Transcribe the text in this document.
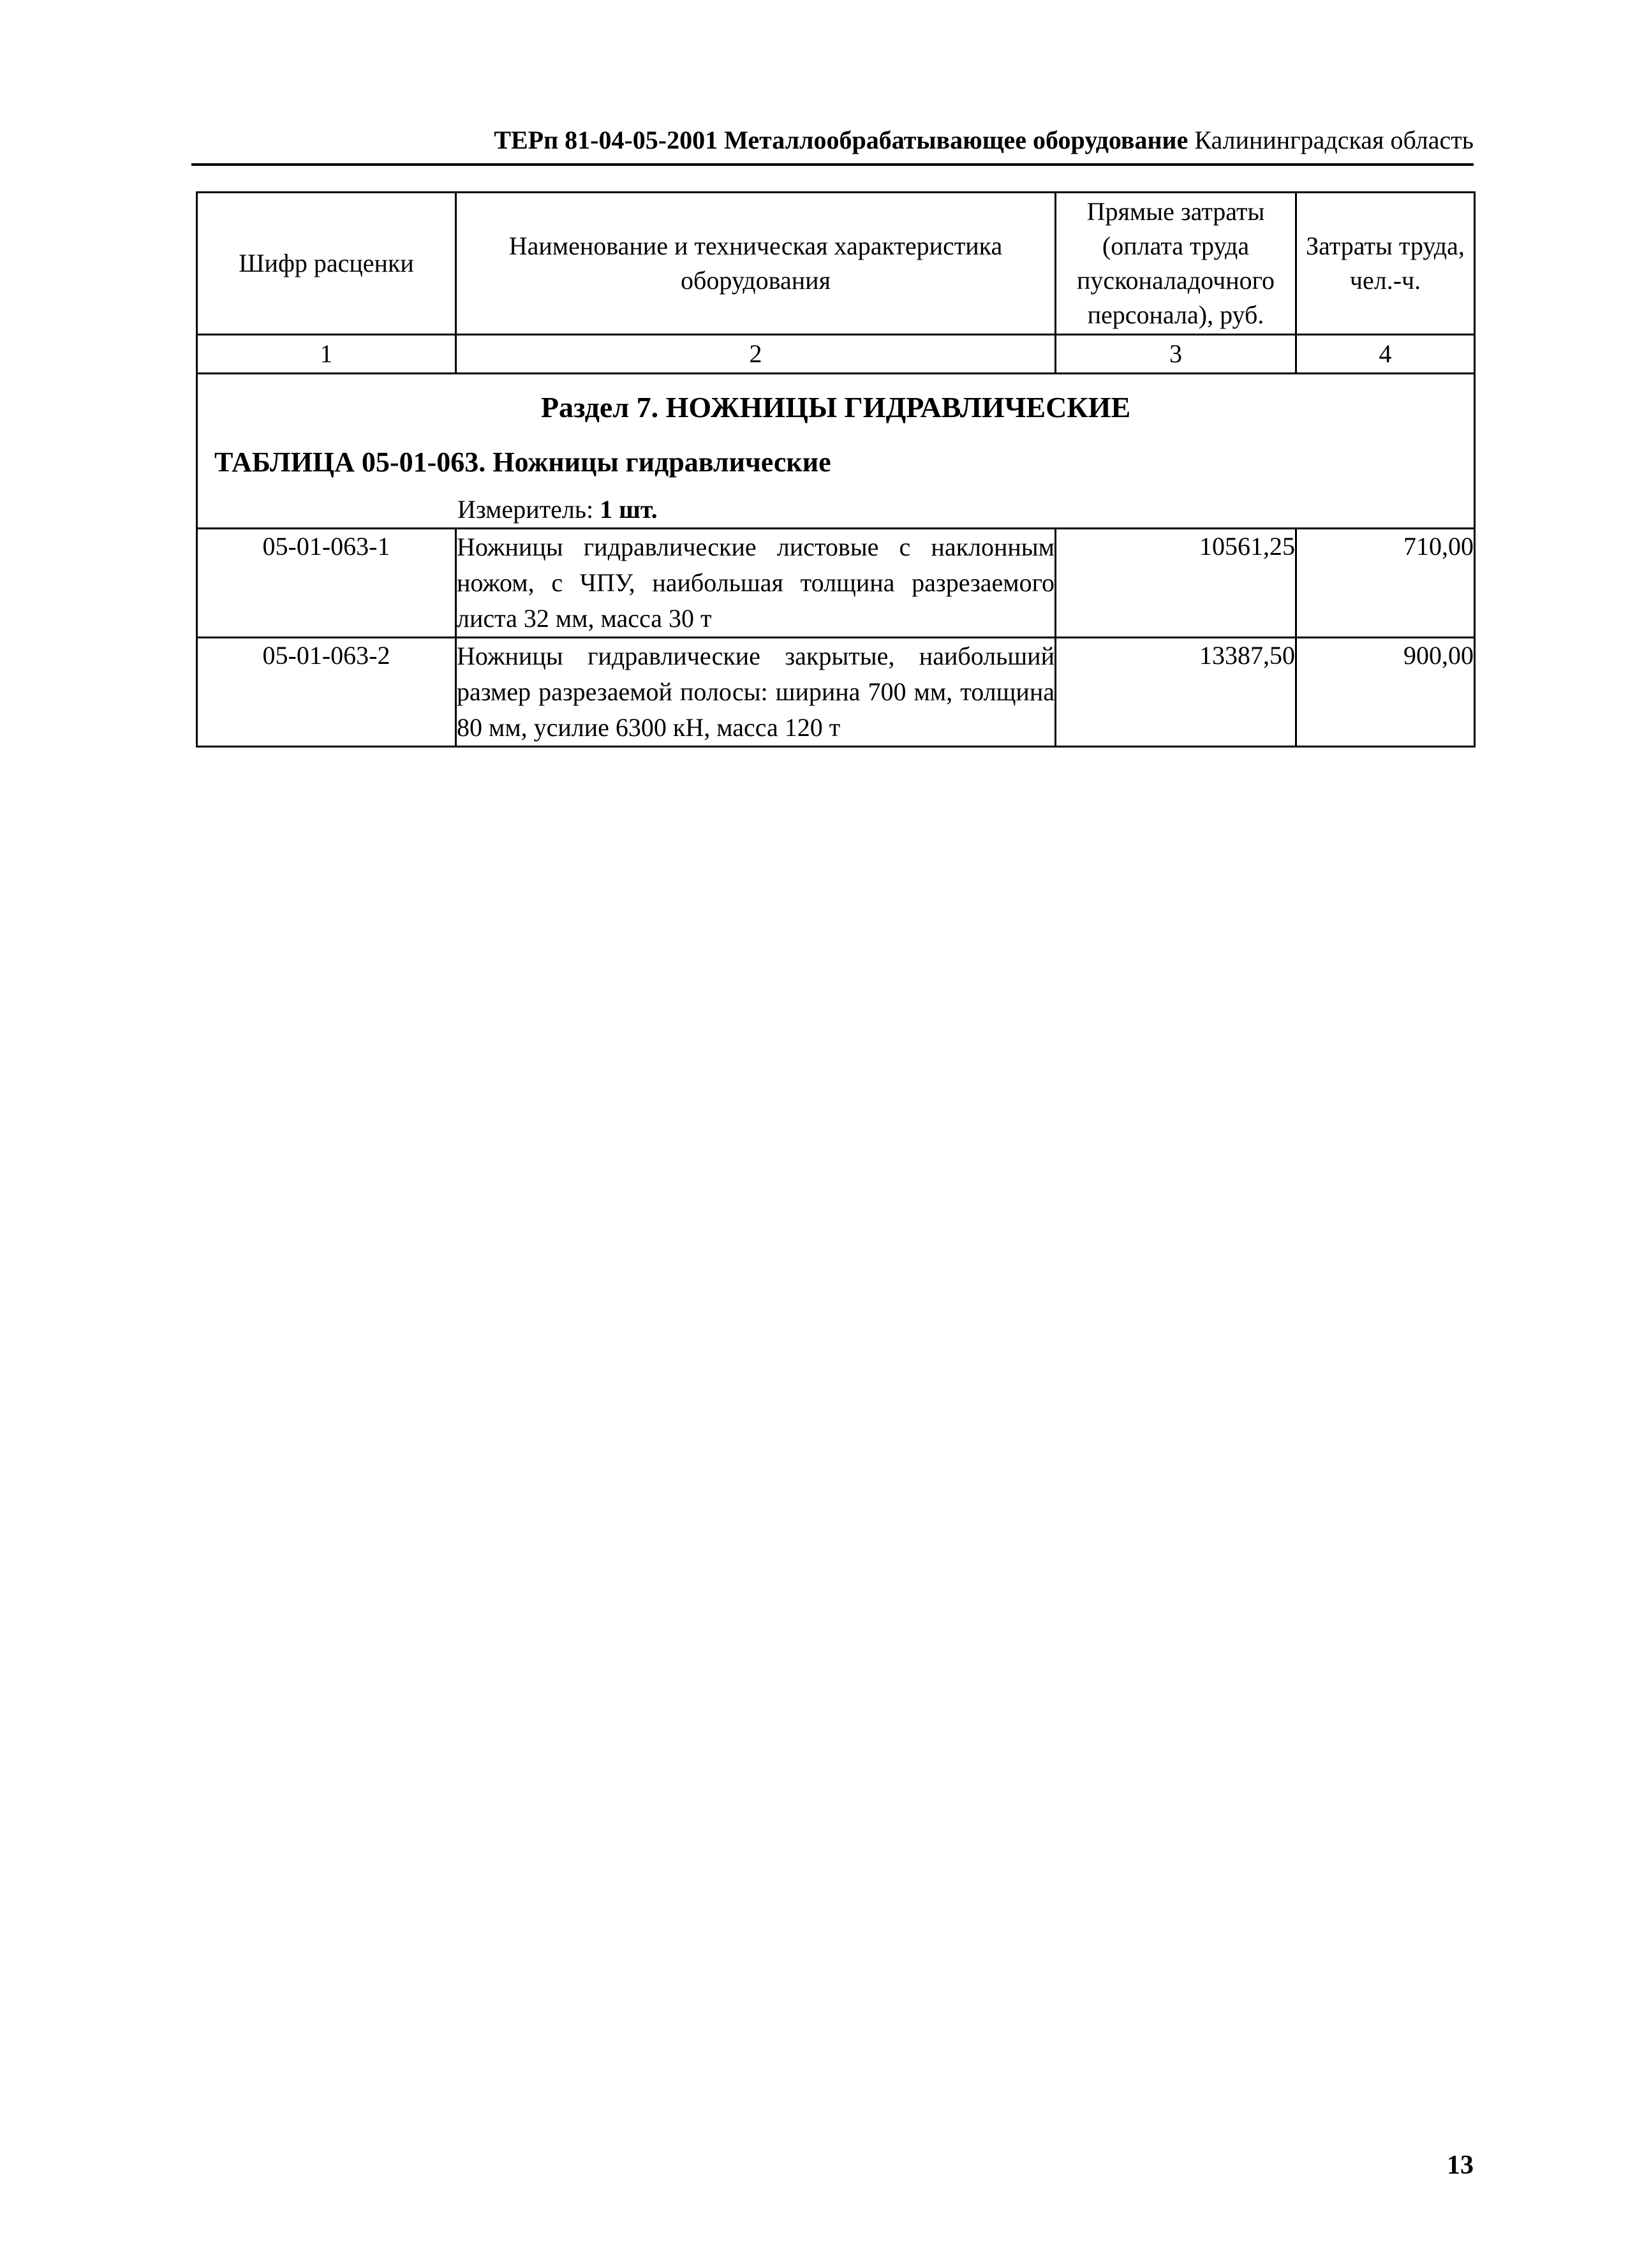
ТЕРп 81-04-05-2001 Металлообрабатывающее оборудование Калининградская область
Шифр расценки	Наименование и техническая характеристика оборудования	Прямые затраты (оплата труда пусконаладочного персонала), руб.	Затраты труда, чел.-ч.

1	2	3	4

Раздел 7. НОЖНИЦЫ ГИДРАВЛИЧЕСКИЕ
ТАБЛИЦА 05-01-063. Ножницы гидравлические
Измеритель: 1 шт.			

05-01-063-1	Ножницы гидравлические листовые с наклонным ножом, с ЧПУ, наибольшая толщина разрезаемого листа 32 мм, масса 30 т	10561,25	710,00
05-01-063-2	Ножницы гидравлические закрытые, наибольший размер разрезаемой полосы: ширина 700 мм, толщина 80 мм, усилие 6300 кН, масса 120 т	13387,50	900,00
13
